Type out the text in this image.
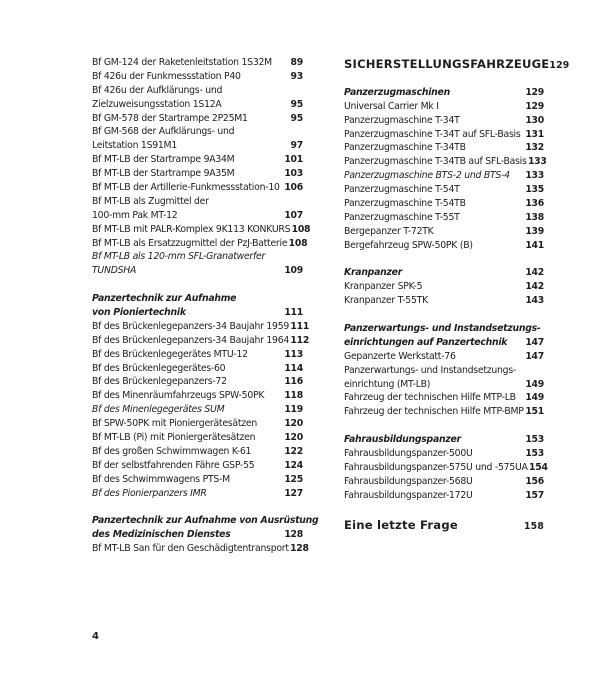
Bf GM-124 der Raketenleitstation 1S32M	89
Bf 426u der Funkmessstation P40	93
Bf 426u der Aufklärungs- und
Zielzuweisungsstation 1S12A	95
Bf GM-578 der Startrampe 2P25M1	95
Bf GM-568 der Aufklärungs- und
Leitstation 1S91M1	97
Bf MT-LB der Startrampe 9A34M	101
Bf MT-LB der Startrampe 9A35M	103
Bf MT-LB der Artillerie-Funkmessstation-10 106
Bf MT-LB als Zugmittel der
100-mm Pak MT-12	107
Bf MT-LB mit PALR-Komplex 9K113 KONKURS 108
Bf MT-LB als Ersatzzugmittel der PzJ-Batterie 108
Bf MT-LB als 120-mm SFL-Granatwerfer
TUNDSHA	109
Panzertechnik zur Aufnahme
von Pioniertechnik	111
Bf des Brückenlegepanzers-34 Baujahr 1959 111
Bf des Brückenlegepanzers-34 Baujahr 1964 112
Bf des Brückenlegegerätes MTU-12	113
Bf des Brückenlegegerätes-60	114
Bf des Brückenlegepanzers-72	116
Bf des Minenräumfahrzeugs SPW-50PK	118
Bf des Minenlegegerätes SUM	119
Bf SPW-50PK mit Pioniergerätesätzen	120
Bf MT-LB (Pi) mit Pioniergerätesätzen	120
Bf des großen Schwimmwagen K-61	122
Bf der selbstfahrenden Fähre GSP-55	124
Bf des Schwimmwagens PTS-M	125
Bf des Pionierpanzers IMR	127
Panzertechnik zur Aufnahme von Ausrüstung
des Medizinischen Dienstes	128
Bf MT-LB San für den Geschädigtentransport 128
SICHERSTELLUNGSFAHRZEUGE 129
Panzerzugmaschinen	129
Universal Carrier Mk I	129
Panzerzugmaschine T-34T	130
Panzerzugmaschine T-34T auf SFL-Basis 131
Panzerzugmaschine T-34TB	132
Panzerzugmaschine T-34TB auf SFL-Basis 133
Panzerzugmaschine BTS-2 und BTS-4	133
Panzerzugmaschine T-54T	135
Panzerzugmaschine T-54TB	136
Panzerzugmaschine T-55T	138
Bergepanzer T-72TK	139
Bergefahrzeug SPW-50PK (B)	141
Kranpanzer	142
Kranpanzer SPK-5	142
Kranpanzer T-55TK	143
Panzerwartungs- und Instandsetzungs-
einrichtungen auf Panzertechnik	147
Gepanzerte Werkstatt-76	147
Panzerwartungs- und Instandsetzungs-
einrichtung (MT-LB)	149
Fahrzeug der technischen Hilfe MTP-LB	149
Fahrzeug der technischen Hilfe MTP-BMP 151
Fahrausbildungspanzer	153
Fahrausbildungspanzer-500U	153
Fahrausbildungspanzer-575U und -575UA 154
Fahrausbildungspanzer-568U	156
Fahrausbildungspanzer-172U	157
Eine letzte Frage	158
4
